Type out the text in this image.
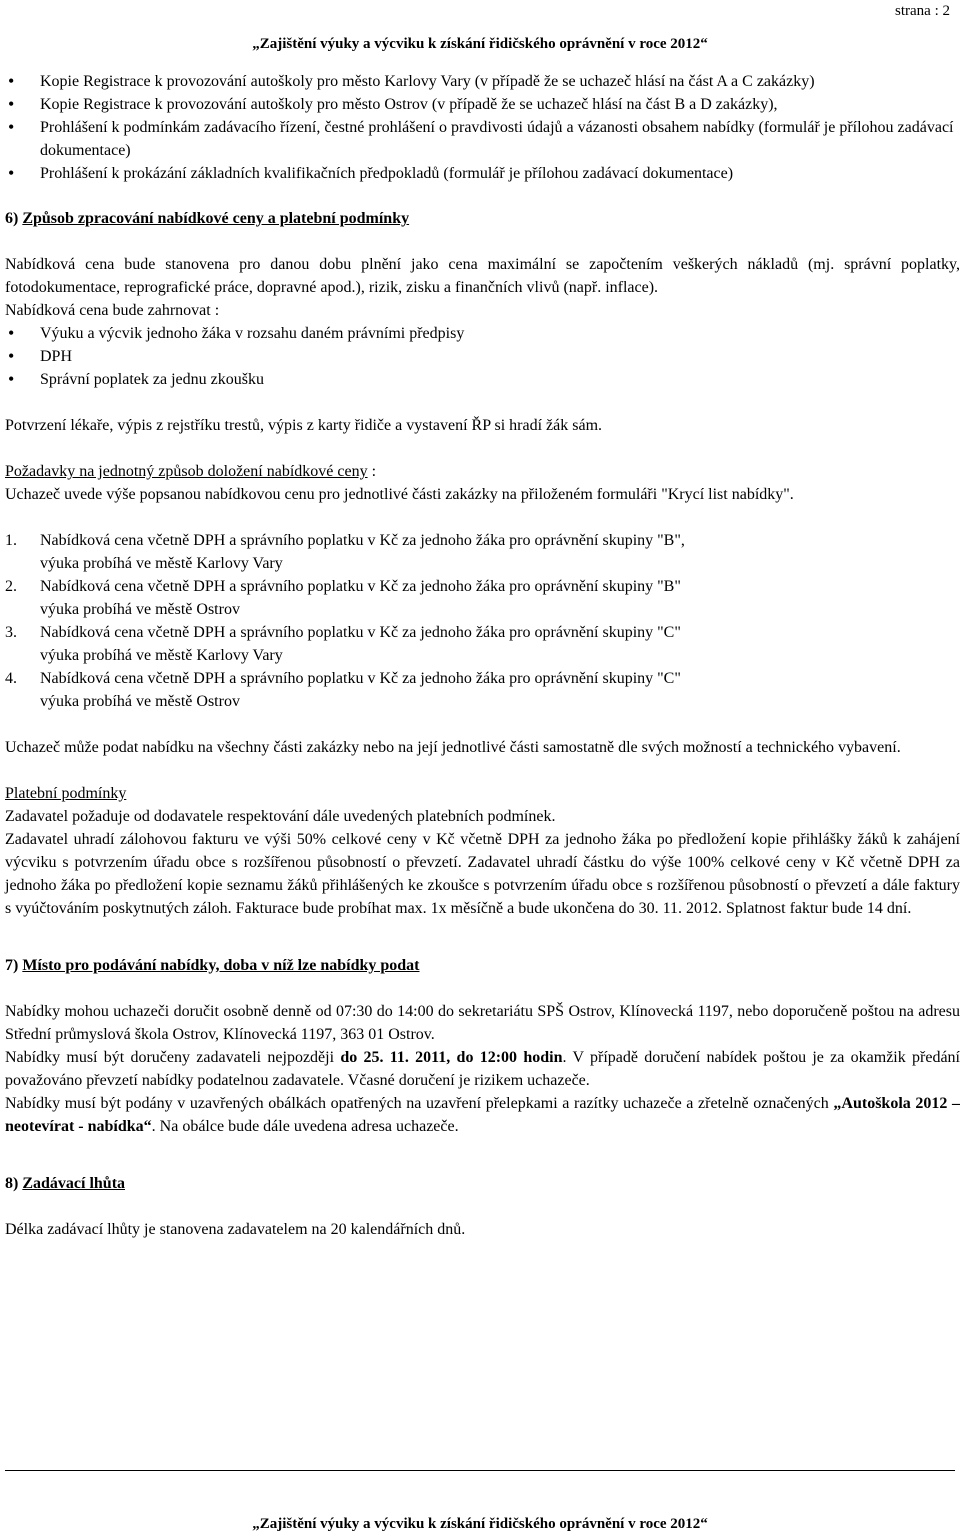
strana : 2
Zadávací řízení
„Zajištění výuky a výcviku k získání řidičského oprávnění v roce 2012“
• Kopie Registrace k provozování autoškoly pro město Karlovy Vary (v případě že se uchazeč hlásí na část A a C zakázky)
• Kopie Registrace k provozování autoškoly pro město Ostrov (v případě že se uchazeč hlásí na část B a D zakázky),
• Prohlášení k podmínkám zadávacího řízení, čestné prohlášení o pravdivosti údajů a vázanosti obsahem nabídky (formulář je přílohou zadávací dokumentace)
• Prohlášení k prokázání základních kvalifikačních předpokladů (formulář je přílohou zadávací dokumentace)
6) Způsob zpracování nabídkové ceny a platební podmínky
Nabídková cena bude stanovena pro danou dobu plnění jako cena maximální se započtením veškerých nákladů (mj. správní poplatky, fotodokumentace, reprografické práce, dopravné apod.), rizik, zisku a finančních vlivů (např. inflace).
Nabídková cena bude zahrnovat :
• Výuku a výcvik jednoho žáka v rozsahu daném právními předpisy
• DPH
• Správní poplatek za jednu zkoušku
Potvrzení lékaře, výpis z rejstříku trestů, výpis z karty řidiče a vystavení ŘP si hradí žák sám.
Požadavky na jednotný způsob doložení nabídkové ceny :
Uchazeč uvede výše popsanou nabídkovou cenu pro jednotlivé části zakázky na přiloženém formuláři "Krycí list nabídky".
1. Nabídková cena včetně DPH a správního poplatku v Kč za jednoho žáka pro oprávnění skupiny "B",
výuka probíhá ve městě Karlovy Vary
2. Nabídková cena včetně DPH a správního poplatku v Kč za jednoho žáka pro oprávnění skupiny "B"
výuka probíhá ve městě Ostrov
3. Nabídková cena včetně DPH a správního poplatku v Kč za jednoho žáka pro oprávnění skupiny "C"
výuka probíhá ve městě Karlovy Vary
4. Nabídková cena včetně DPH a správního poplatku v Kč za jednoho žáka pro oprávnění skupiny "C"
výuka probíhá ve městě Ostrov
Uchazeč může podat nabídku na všechny části zakázky nebo na její jednotlivé části samostatně dle svých možností a technického vybavení.
Platební podmínky
Zadavatel požaduje od dodavatele respektování dále uvedených platebních podmínek.
Zadavatel uhradí zálohovou fakturu ve výši 50% celkové ceny v Kč včetně DPH za jednoho žáka po předložení kopie přihlášky žáků k zahájení výcviku s potvrzením úřadu obce s rozšířenou působností o převzetí. Zadavatel uhradí částku do výše 100% celkové ceny v Kč včetně DPH za jednoho žáka po předložení kopie seznamu žáků přihlášených ke zkoušce s potvrzením úřadu obce s rozšířenou působností o převzetí a dále faktury s vyúčtováním poskytnutých záloh. Fakturace bude probíhat max. 1x měsíčně a bude ukončena do 30. 11. 2012. Splatnost faktur bude 14 dní.
7) Místo pro podávání nabídky, doba v níž lze nabídky podat
Nabídky mohou uchazeči doručit osobně denně od 07:30 do 14:00 do sekretariátu SPŠ Ostrov, Klínovecká 1197, nebo doporučeně poštou na adresu Střední průmyslová škola Ostrov, Klínovecká 1197, 363 01 Ostrov.
Nabídky musí být doručeny zadavateli nejpozději do 25. 11. 2011, do 12:00 hodin. V případě doručení nabídek poštou je za okamžik předání považováno převzetí nabídky podatelnou zadavatele. Včasné doručení je rizikem uchazeče.
Nabídky musí být podány v uzavřených obálkách opatřených na uzavření přelepkami a razítky uchazeče a zřetelně označených „Autoškola 2012 – neotevírat - nabídka“. Na obálce bude dále uvedena adresa uchazeče.
8) Zadávací lhůta
Délka zadávací lhůty je stanovena zadavatelem na 20 kalendářních dnů.
Veřejná zakázka:
„Zajištění výuky a výcviku k získání řidičského oprávnění v roce 2012“
